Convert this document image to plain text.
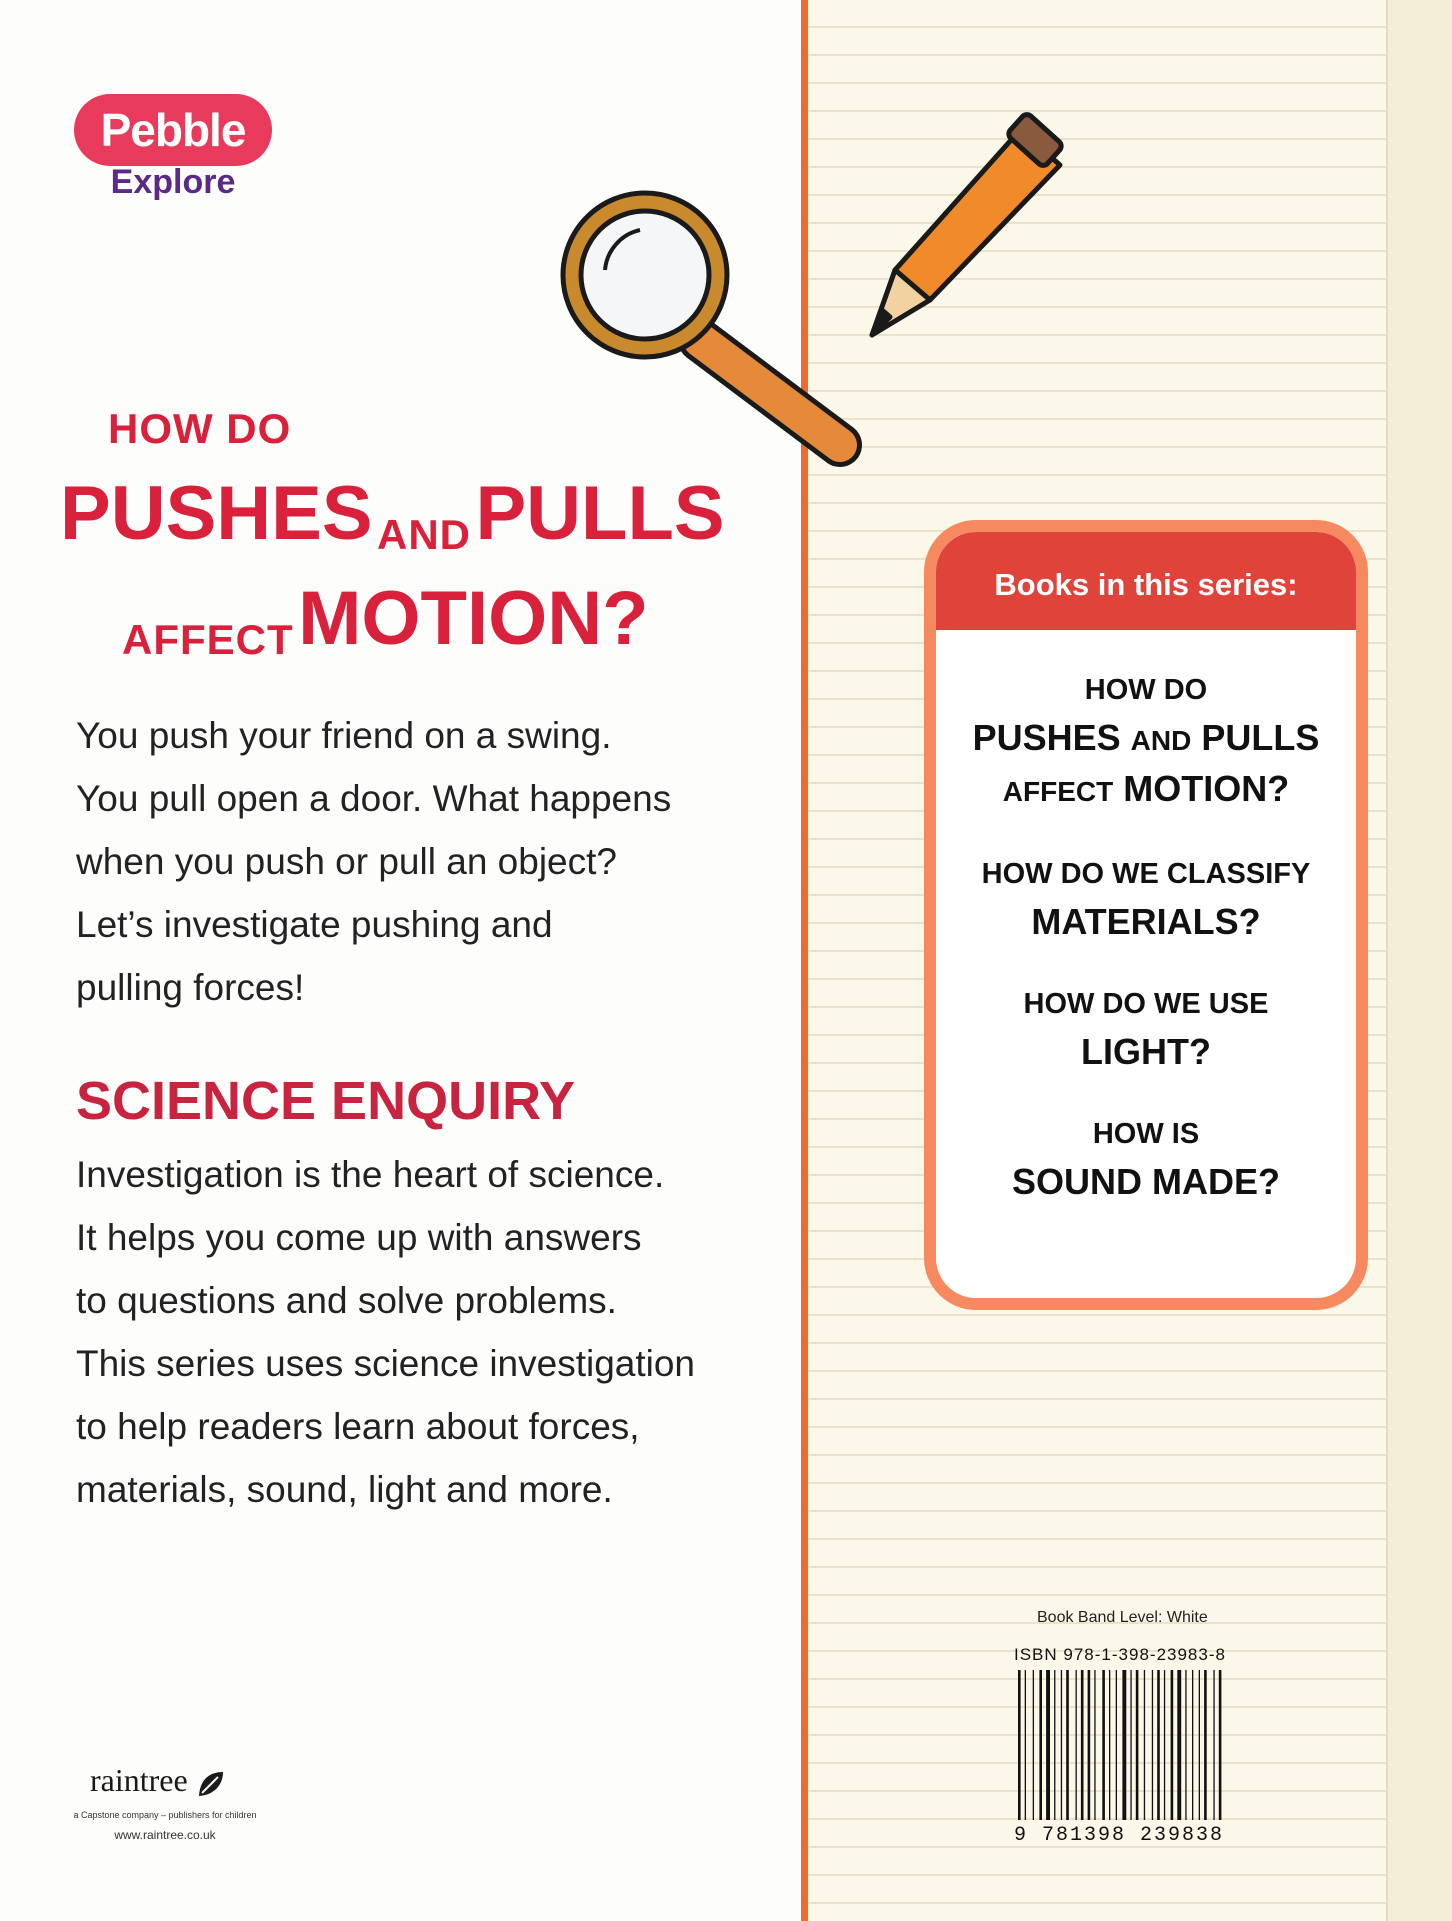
Pebble
Explore
HOW DO
PUSHES AND PULLS
AFFECT MOTION?

You push your friend on a swing.
You pull open a door. What happens
when you push or pull an object?
Let’s investigate pushing and
pulling forces!

SCIENCE ENQUIRY

Investigation is the heart of science.
It helps you come up with answers
to questions and solve problems.
This series uses science investigation
to help readers learn about forces,
materials, sound, light and more.

Books in this series:
HOW DO
PUSHES AND PULLS
AFFECT MOTION?
HOW DO WE CLASSIFY
MATERIALS?
HOW DO WE USE
LIGHT?
HOW IS
SOUND MADE?
raintree
a Capstone company – publishers for children
www.raintree.co.uk
Book Band Level: White
ISBN 978-1-398-23983-8
9 781398 239838
